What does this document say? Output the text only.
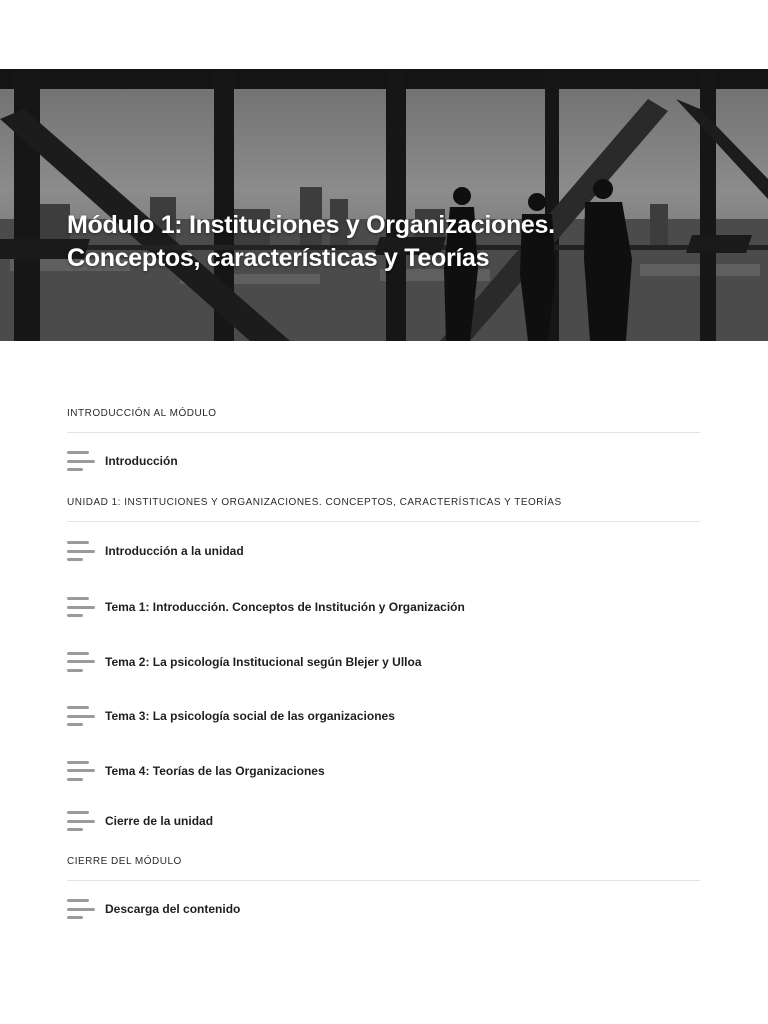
Módulo 1: Instituciones y Organizaciones.
Conceptos, características y Teorías
INTRODUCCIÓN AL MÓDULO
Introducción
UNIDAD 1: INSTITUCIONES Y ORGANIZACIONES. CONCEPTOS, CARACTERÍSTICAS Y TEORÍAS
Introducción a la unidad
Tema 1: Introducción. Conceptos de Institución y Organización
Tema 2: La psicología Institucional según Blejer y Ulloa
Tema 3: La psicología social de las organizaciones
Tema 4: Teorías de las Organizaciones
Cierre de la unidad
CIERRE DEL MÓDULO
Descarga del contenido
